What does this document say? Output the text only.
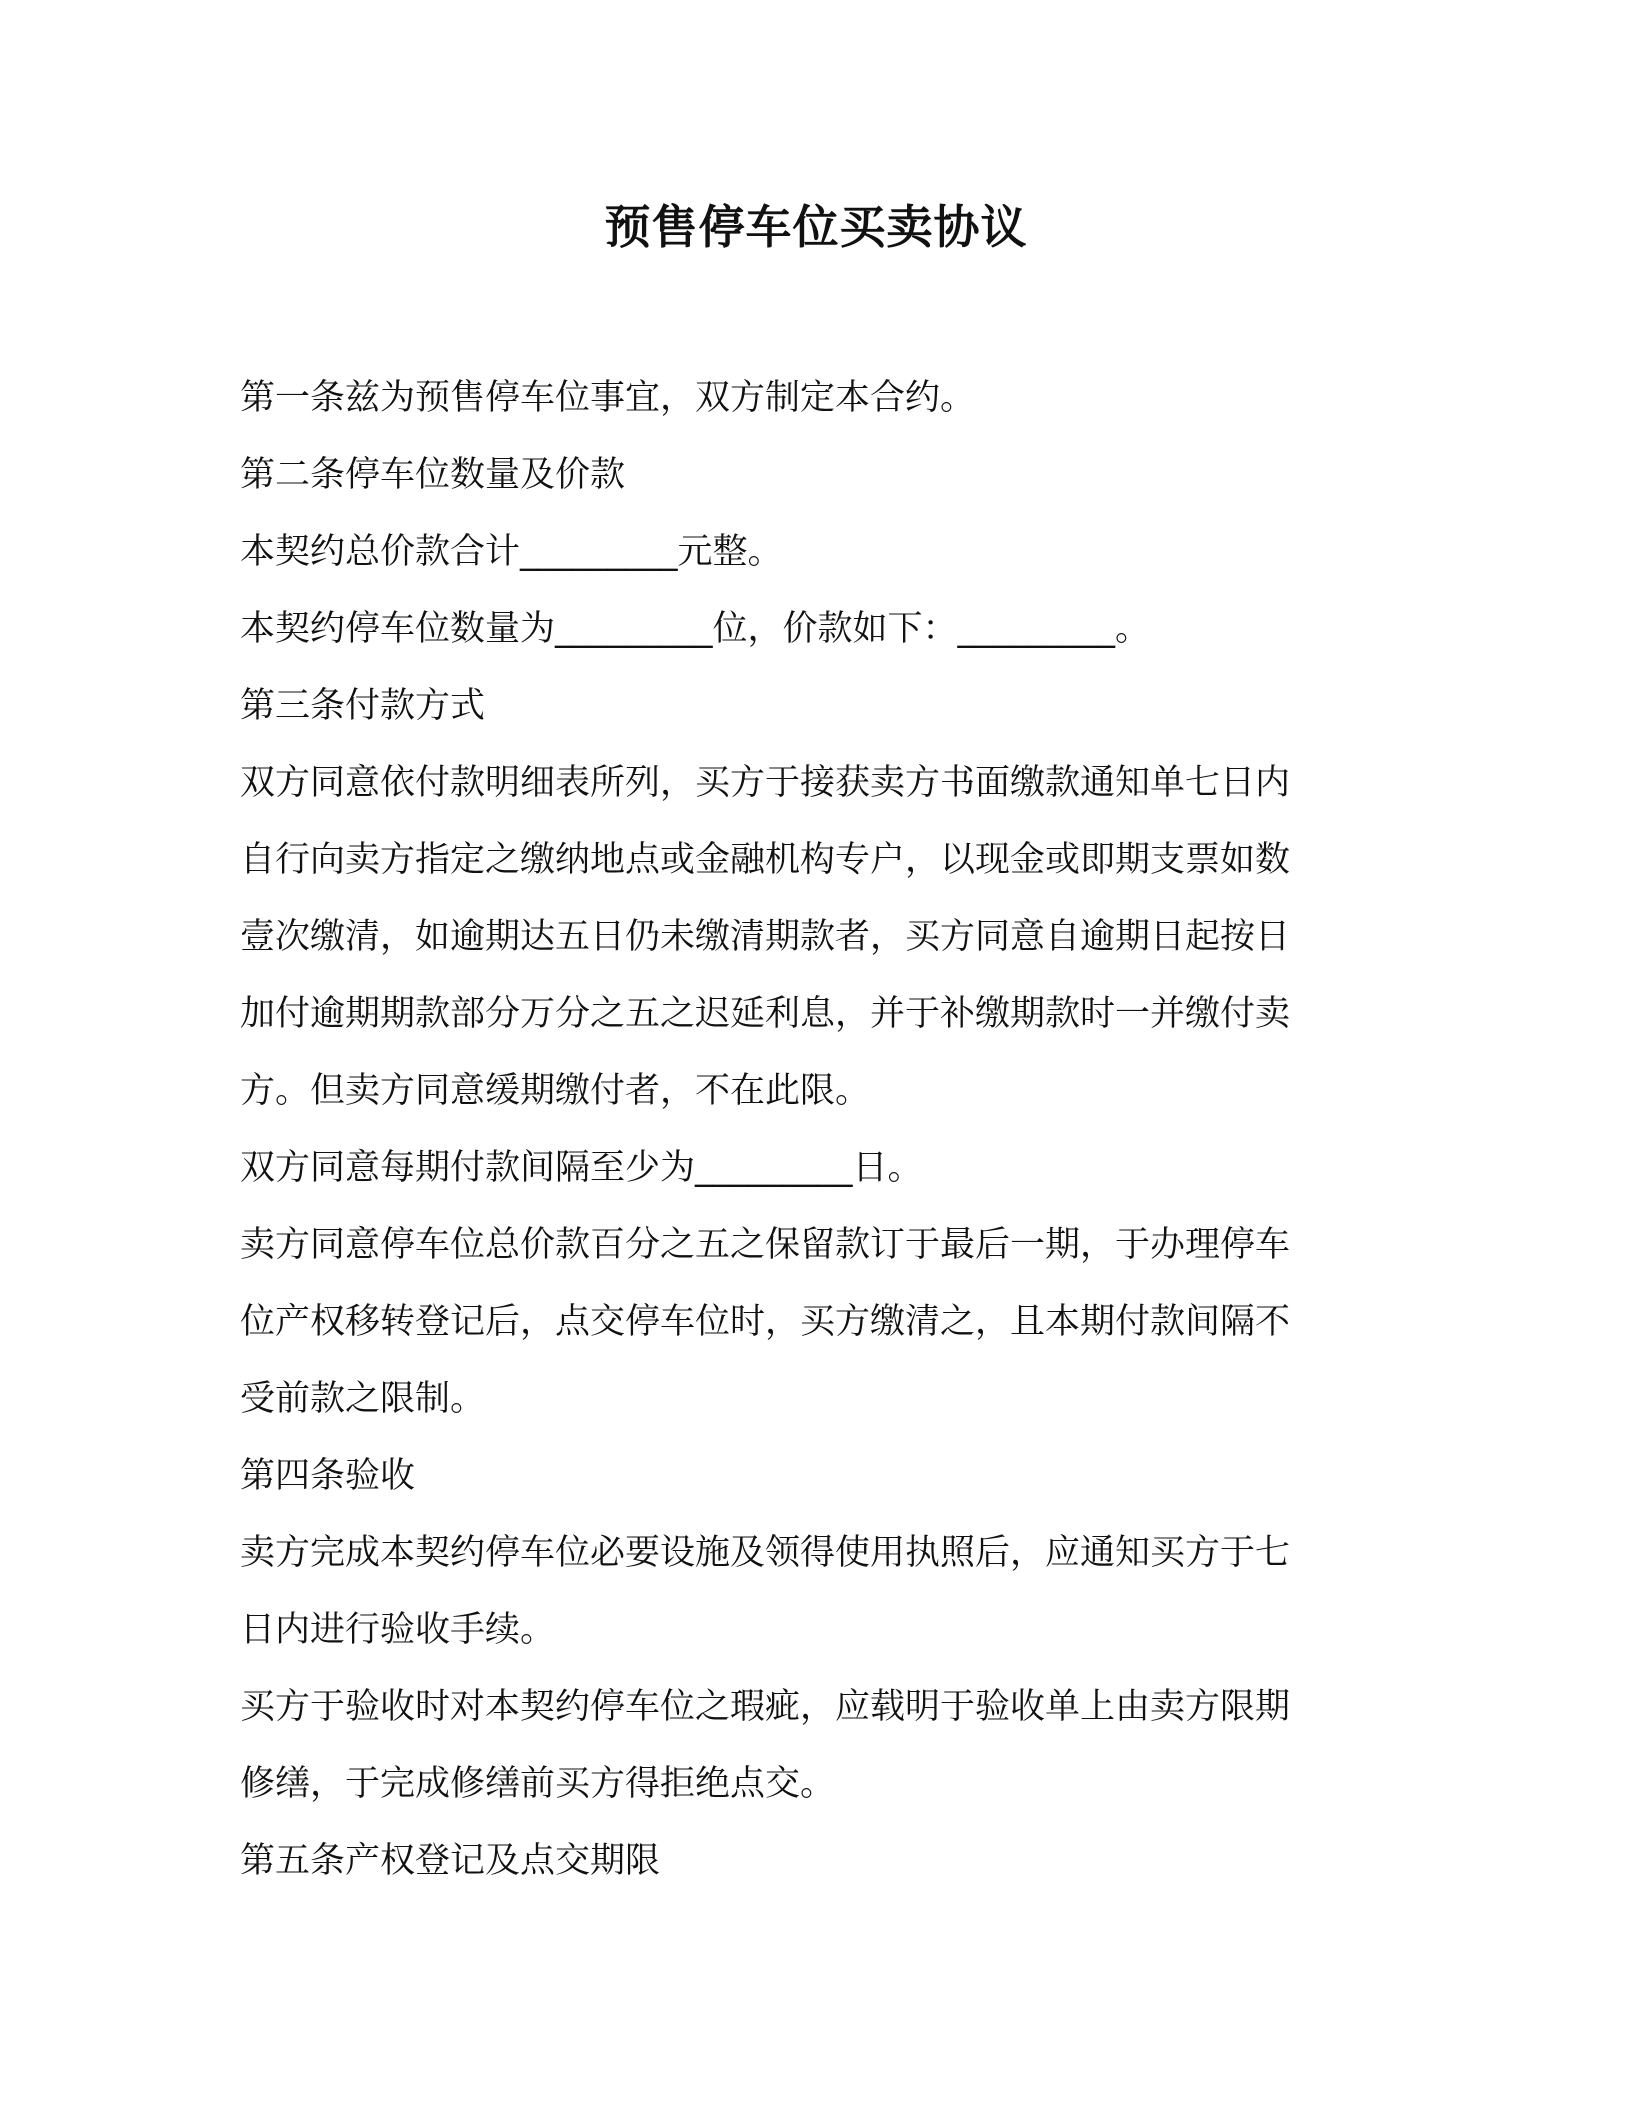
预售停车位买卖协议
第一条兹为预售停车位事宜，双方制定本合约。
第二条停车位数量及价款
本契约总价款合计_________元整。
本契约停车位数量为_________位，价款如下：_________。
第三条付款方式
双方同意依付款明细表所列，买方于接获卖方书面缴款通知单七日内
自行向卖方指定之缴纳地点或金融机构专户，以现金或即期支票如数
壹次缴清，如逾期达五日仍未缴清期款者，买方同意自逾期日起按日
加付逾期期款部分万分之五之迟延利息，并于补缴期款时一并缴付卖
方。但卖方同意缓期缴付者，不在此限。
双方同意每期付款间隔至少为_________日。
卖方同意停车位总价款百分之五之保留款订于最后一期，于办理停车
位产权移转登记后，点交停车位时，买方缴清之，且本期付款间隔不
受前款之限制。
第四条验收
卖方完成本契约停车位必要设施及领得使用执照后，应通知买方于七
日内进行验收手续。
买方于验收时对本契约停车位之瑕疵，应载明于验收单上由卖方限期
修缮，于完成修缮前买方得拒绝点交。
第五条产权登记及点交期限
